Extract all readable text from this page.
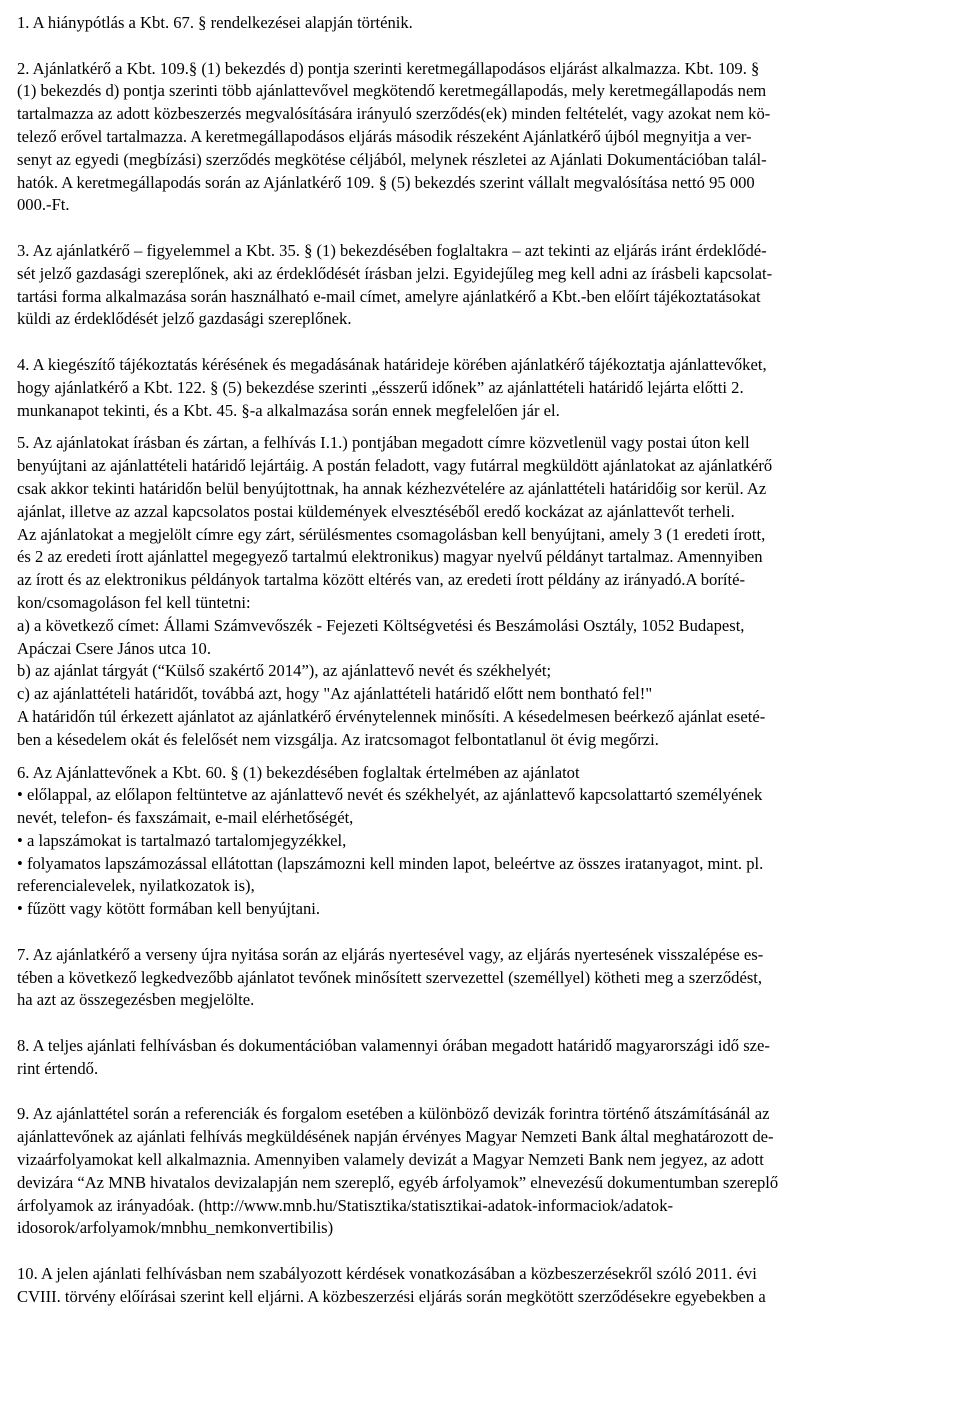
1. A hiánypótlás a Kbt. 67. § rendelkezései alapján történik.
2. Ajánlatkérő a Kbt. 109.§ (1) bekezdés d) pontja szerinti keretmegállapodásos eljárást alkalmazza. Kbt. 109. §
(1) bekezdés d) pontja szerinti több ajánlattevővel megkötendő keretmegállapodás, mely keretmegállapodás nem
tartalmazza az adott közbeszerzés megvalósítására irányuló szerződés(ek) minden feltételét, vagy azokat nem kö-
telező erővel tartalmazza. A keretmegállapodásos eljárás második részeként Ajánlatkérő újból megnyitja a ver-
senyt az egyedi (megbízási) szerződés megkötése céljából, melynek részletei az Ajánlati Dokumentációban talál-
hatók. A keretmegállapodás során az Ajánlatkérő 109. § (5) bekezdés szerint vállalt megvalósítása nettó 95 000
000.-Ft.
3. Az ajánlatkérő – figyelemmel a Kbt. 35. § (1) bekezdésében foglaltakra – azt tekinti az eljárás iránt érdeklődé-
sét jelző gazdasági szereplőnek, aki az érdeklődését írásban jelzi. Egyidejűleg meg kell adni az írásbeli kapcsolat-
tartási forma alkalmazása során használható e-mail címet, amelyre ajánlatkérő a Kbt.-ben előírt tájékoztatásokat
küldi az érdeklődését jelző gazdasági szereplőnek.
4. A kiegészítő tájékoztatás kérésének és megadásának határideje körében ajánlatkérő tájékoztatja ajánlattevőket,
hogy ajánlatkérő a Kbt. 122. § (5) bekezdése szerinti „ésszerű időnek” az ajánlattételi határidő lejárta előtti 2.
munkanapot tekinti, és a Kbt. 45. §-a alkalmazása során ennek megfelelően jár el.
5. Az ajánlatokat írásban és zártan, a felhívás I.1.) pontjában megadott címre közvetlenül vagy postai úton kell
benyújtani az ajánlattételi határidő lejártáig. A postán feladott, vagy futárral megküldött ajánlatokat az ajánlatkérő
csak akkor tekinti határidőn belül benyújtottnak, ha annak kézhezvételére az ajánlattételi határidőig sor kerül. Az
ajánlat, illetve az azzal kapcsolatos postai küldemények elvesztéséből eredő kockázat az ajánlattevőt terheli.
Az ajánlatokat a megjelölt címre egy zárt, sérülésmentes csomagolásban kell benyújtani, amely 3 (1 eredeti írott,
és 2 az eredeti írott ajánlattel megegyező tartalmú elektronikus) magyar nyelvű példányt tartalmaz. Amennyiben
az írott és az elektronikus példányok tartalma között eltérés van, az eredeti írott példány az irányadó.A boríté-
kon/csomagoláson fel kell tüntetni:
a) a következő címet: Állami Számvevőszék - Fejezeti Költségvetési és Beszámolási Osztály, 1052 Budapest,
Apáczai Csere János utca 10.
b) az ajánlat tárgyát (“Külső szakértő 2014”), az ajánlattevő nevét és székhelyét;
c) az ajánlattételi határidőt, továbbá azt, hogy "Az ajánlattételi határidő előtt nem bontható fel!"
A határidőn túl érkezett ajánlatot az ajánlatkérő érvénytelennek minősíti. A késedelmesen beérkező ajánlat eseté-
ben a késedelem okát és felelősét nem vizsgálja. Az iratcsomagot felbontatlanul öt évig megőrzi.
6. Az Ajánlattevőnek a Kbt. 60. § (1) bekezdésében foglaltak értelmében az ajánlatot
• előlappal, az előlapon feltüntetve az ajánlattevő nevét és székhelyét, az ajánlattevő kapcsolattartó személyének
nevét, telefon- és faxszámait, e-mail elérhetőségét,
• a lapszámokat is tartalmazó tartalomjegyzékkel,
• folyamatos lapszámozással ellátottan (lapszámozni kell minden lapot, beleértve az összes iratanyagot, mint. pl.
referencialevelek, nyilatkozatok is),
• fűzött vagy kötött formában kell benyújtani.
7. Az ajánlatkérő a verseny újra nyitása során az eljárás nyertesével vagy, az eljárás nyertesének visszalépése es-
tében a következő legkedvezőbb ajánlatot tevőnek minősített szervezettel (személlyel) kötheti meg a szerződést,
ha azt az összegezésben megjelölte.
8. A teljes ajánlati felhívásban és dokumentációban valamennyi órában megadott határidő magyarországi idő sze-
rint értendő.
9. Az ajánlattétel során a referenciák és forgalom esetében a különböző devizák forintra történő átszámításánál az
ajánlattevőnek az ajánlati felhívás megküldésének napján érvényes Magyar Nemzeti Bank által meghatározott de-
vizaárfolyamokat kell alkalmaznia. Amennyiben valamely devizát a Magyar Nemzeti Bank nem jegyez, az adott
devizára “Az MNB hivatalos devizalapján nem szereplő, egyéb árfolyamok” elnevezésű dokumentumban szereplő
árfolyamok az irányadóak. (http://www.mnb.hu/Statisztika/statisztikai-adatok-informaciok/adatok-
idosorok/arfolyamok/mnbhu_nemkonvertibilis)
10. A jelen ajánlati felhívásban nem szabályozott kérdések vonatkozásában a közbeszerzésekről szóló 2011. évi
CVIII. törvény előírásai szerint kell eljárni. A közbeszerzési eljárás során megkötött szerződésekre egyebekben a
